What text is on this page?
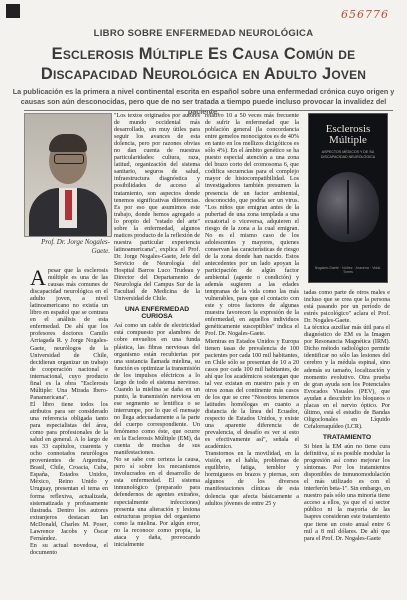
656776
LIBRO SOBRE ENFERMEDAD NEUROLÓGICA
Esclerosis Múltiple Es Causa Común de Discapacidad Neurológica en Adulto Joven
La publicación es la primera a nivel continental escrita en español sobre una enfermedad crónica cuyo origen y causas son aún desconocidas, pero que de no ser tratada a tiempo puede incluso provocar la invalidez del paciente.
Prof. Dr. Jorge Nogales-Gaete.

Apesar que la esclerosis múltiple es una de las causas más comunes de discapacidad neurológica en el adulto joven, a nivel latinoamericano no existía un libro en español que se centrara en el análisis de esta enfermedad. De ahí que los profesores doctores Camilo Arriagada R. y Jorge Nogales-Gaete, neurólogos de la Universidad de Chile, decidieran organizar un trabajo de cooperación nacional e internacional, cuyo producto final es la obra "Esclerosis Múltiple: Una Mirada Ibero-Panamericana".

El libro tiene todos los atributos para ser considerado una referencia obligada tanto para especialistas del área, como para profesionales de la salud en general. A lo largo de sus 33 capítulos, cuarenta y ocho connotados neurólogos provenientes de Argentina, Brasil, Chile, Croacia, Cuba, España, Estados Unidos, México, Reino Unido y Uruguay, presentan el tema en forma reflexiva, actualizada, sistematizada y profusamente ilustrada. Dentro los autores extranjeros destacan Ian McDonald, Charles M. Poser, Lawrence Jacobs y Óscar Fernández.

En su actual novedosa, el documento

"Los textos originados por autores de mundo occidental más desarrollado, sin muy útiles para seguir los avances de esta dolencia, pero por razones obvias no dan cuenta de nuestras particularidades: cultura, raza, latitud, organización del sistema sanitario, seguros de salud, infraestructura diagnóstica y posibilidades de acceso al tratamiento, son aspectos donde tenemos significativas diferencias. Es por eso que asumimos este trabajo, donde hemos agregado a lo propio del "estado del arte" sobre la enfermedad, algunos matices producto de la reflexión de nuestra particular experiencia latinoamericana", explica el Prof. Dr. Jorge Nogales-Gaete, Jefe del Servicio de Neurología del Hospital Barros Luco Trudeau y Director del Departamento de Neurología del Campus Sur de la Facultad de Medicina de la Universidad de Chile.

UNA ENFERMEDAD CURIOSA

Así como un cable de electricidad está compuesto por alambres de cobre envueltos en una funda plástica, las fibras nerviosas del organismo están recubiertas por una sustancia llamada mielina, su función es optimizar la transmisión de los impulsos eléctricos a lo largo de todo el sistema nervioso. Cuando la mielina se daña en un punto, la transmisión nerviosa en ese segmento se lentifica o se interrumpe, por lo que el mensaje no llega adecuadamente a la parte del cuerpo correspondiente. Un fenómeno como éste, que ocurre en la Esclerosis Múltiple (EM), da cuenta de muchas de sus manifestaciones.

No se sabe con certeza la causa, pero sí sobre los mecanismos involucrados en el desarrollo de esta enfermedad. El sistema inmunológico (preparado para defendernos de agentes extraños, especialmente infecciones) presenta una alteración y lesiona estructuras propias del organismo como la mielina. Por algún error, no la reconoce como propia, la ataca y daña, provocando inicialmente

relativo 10 a 50 veces más frecuente de sufrir la enfermedad que la población general (la concordancia entre gemelos monocigotos es de 40% en tanto en los mellizos dicigóticos es sólo 4%). En el ámbito genético se ha puesto especial atención a una zona del brazo corto del cromosoma 6, que codifica secuencias para el complejo mayor de histocompatibilidad. Los investigadores también presumen la presencia de un factor ambiental, desconocido, que podría ser un virus. "Los niños que emigran antes de la pubertad de una zona templada a una ecuatorial o viceversa, adquieren el riesgo de la zona a la cual emigran. No es el mismo caso de los adolescentes y mayores, quienes conservan las características de riesgo de la zona donde han nacido. Estos antecedentes por un lado apoyan la participación de algún factor ambiental (agente o condición) y además sugieren a las edades tempranas de la vida como las más vulnerables, para que el contacto con este y otros factores de algunas muestra favorecen la expresión de la enfermedad, en aquellos individuos genéticamente susceptibles" indica el Prof. Dr. Nogales-Gaete.

Mientras en Estados Unidos y Europa tienen tasas de prevalencia de 100 pacientes por cada 100 mil habitantes, en Chile sólo se presentan de 10 a 20 casos por cada 100 mil habitantes, de ahí que los académicos sostengan que tal vez existan en nuestro país y en otros zonas del continente más casos de los que se cree "Nosotros tenemos latitudes homólogas en cuanto a distancia de la línea del Ecuador, respecto de Estados Unidos, y existe una aparente diferencia de prevalencia, el desafío es ver si esto es efectivamente así", señala el académico.

Transtornos en la movilidad, en la visión, en el habla, problemas de equilibrio, fatiga, temblor y hormigueos en brazos y piernas, son algunos de los diversos manifestaciones clínicas de esta dolencia que afecta básicamente a adultos jóvenes de entre 25 y

Esclerosis Múltiple
ASPECTOS MÉDICOS Y DE SU DISCAPACIDAD NEUROLÓGICA
Nogales-Gaete · Núñez · Aracena · Vidal-Torres

tadas como parte de otros males e incluso que se crea que la persona está pasando por un período de estrés psicológico" aclara el Prof. Dr. Nogales-Gaete.

La técnica auxiliar más útil para el diagnóstico de EM es la Imagen por Resonancia Magnética (IRM). Dicho método radiológico permite identificar no sólo las lesiones del cerebro y la médula espinal, sino además su tamaño, localización y momento evolutivo. Otra prueba de gran ayuda son los Potenciales Evocados Visuales (PEV), que ayudan a descubrir los bloqueos o placas en el nervio óptico. Por último, está el estudio de Bandas Oligoclonales en Líquido Cefalorraquídeo (LCR).

TRATAMIENTO

Si bien la EM aún no tiene cura definitiva, sí es posible modular la progresión así como mejorar los síntomas. Por los tratamientos disponibles de inmunomodulación el más utilizado es con el interferón beta-1". Sin embargo, en nuestro país sólo una minoría tiene acceso a ellos, ya que el sí sector público ni la mayoría de las Isapres consideran este tratamiento que tiene un costo anual entre 6 mil a 8 mil dólares. De ahí que para el Prof. Dr. Nogales-Gaete
